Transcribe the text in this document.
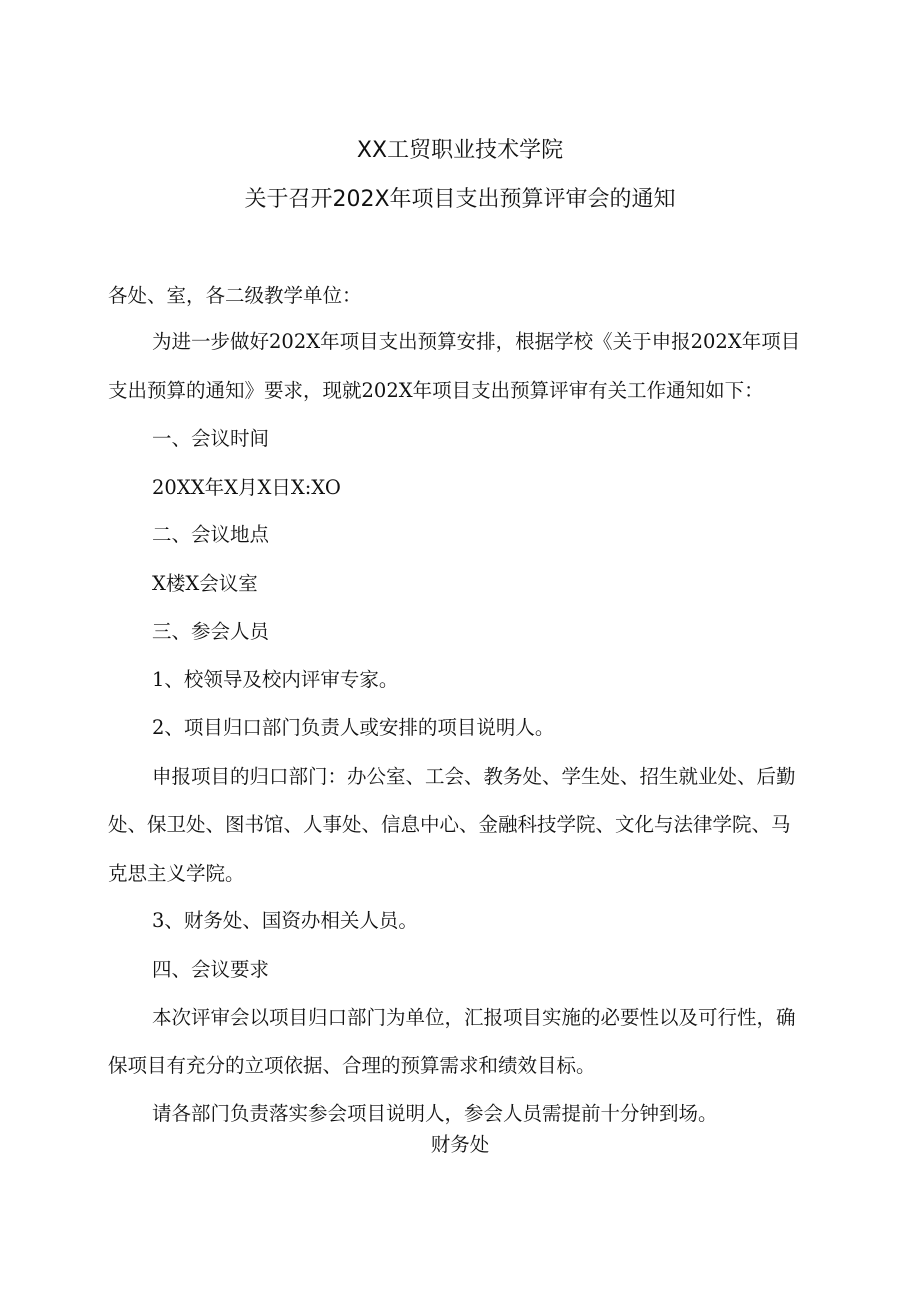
XX工贸职业技术学院
关于召开202X年项目支出预算评审会的通知
各处、室，各二级教学单位：
为进一步做好202X年项目支出预算安排，根据学校《关于申报202X年项目
支出预算的通知》要求，现就202X年项目支出预算评审有关工作通知如下：
一、会议时间
20XX年X月X日X:XO
二、会议地点
X楼X会议室
三、参会人员
1、校领导及校内评审专家。
2、项目归口部门负责人或安排的项目说明人。
申报项目的归口部门：办公室、工会、教务处、学生处、招生就业处、后勤
处、保卫处、图书馆、人事处、信息中心、金融科技学院、文化与法律学院、马
克思主义学院。
3、财务处、国资办相关人员。
四、会议要求
本次评审会以项目归口部门为单位，汇报项目实施的必要性以及可行性，确
保项目有充分的立项依据、合理的预算需求和绩效目标。
请各部门负责落实参会项目说明人，参会人员需提前十分钟到场。
财务处
